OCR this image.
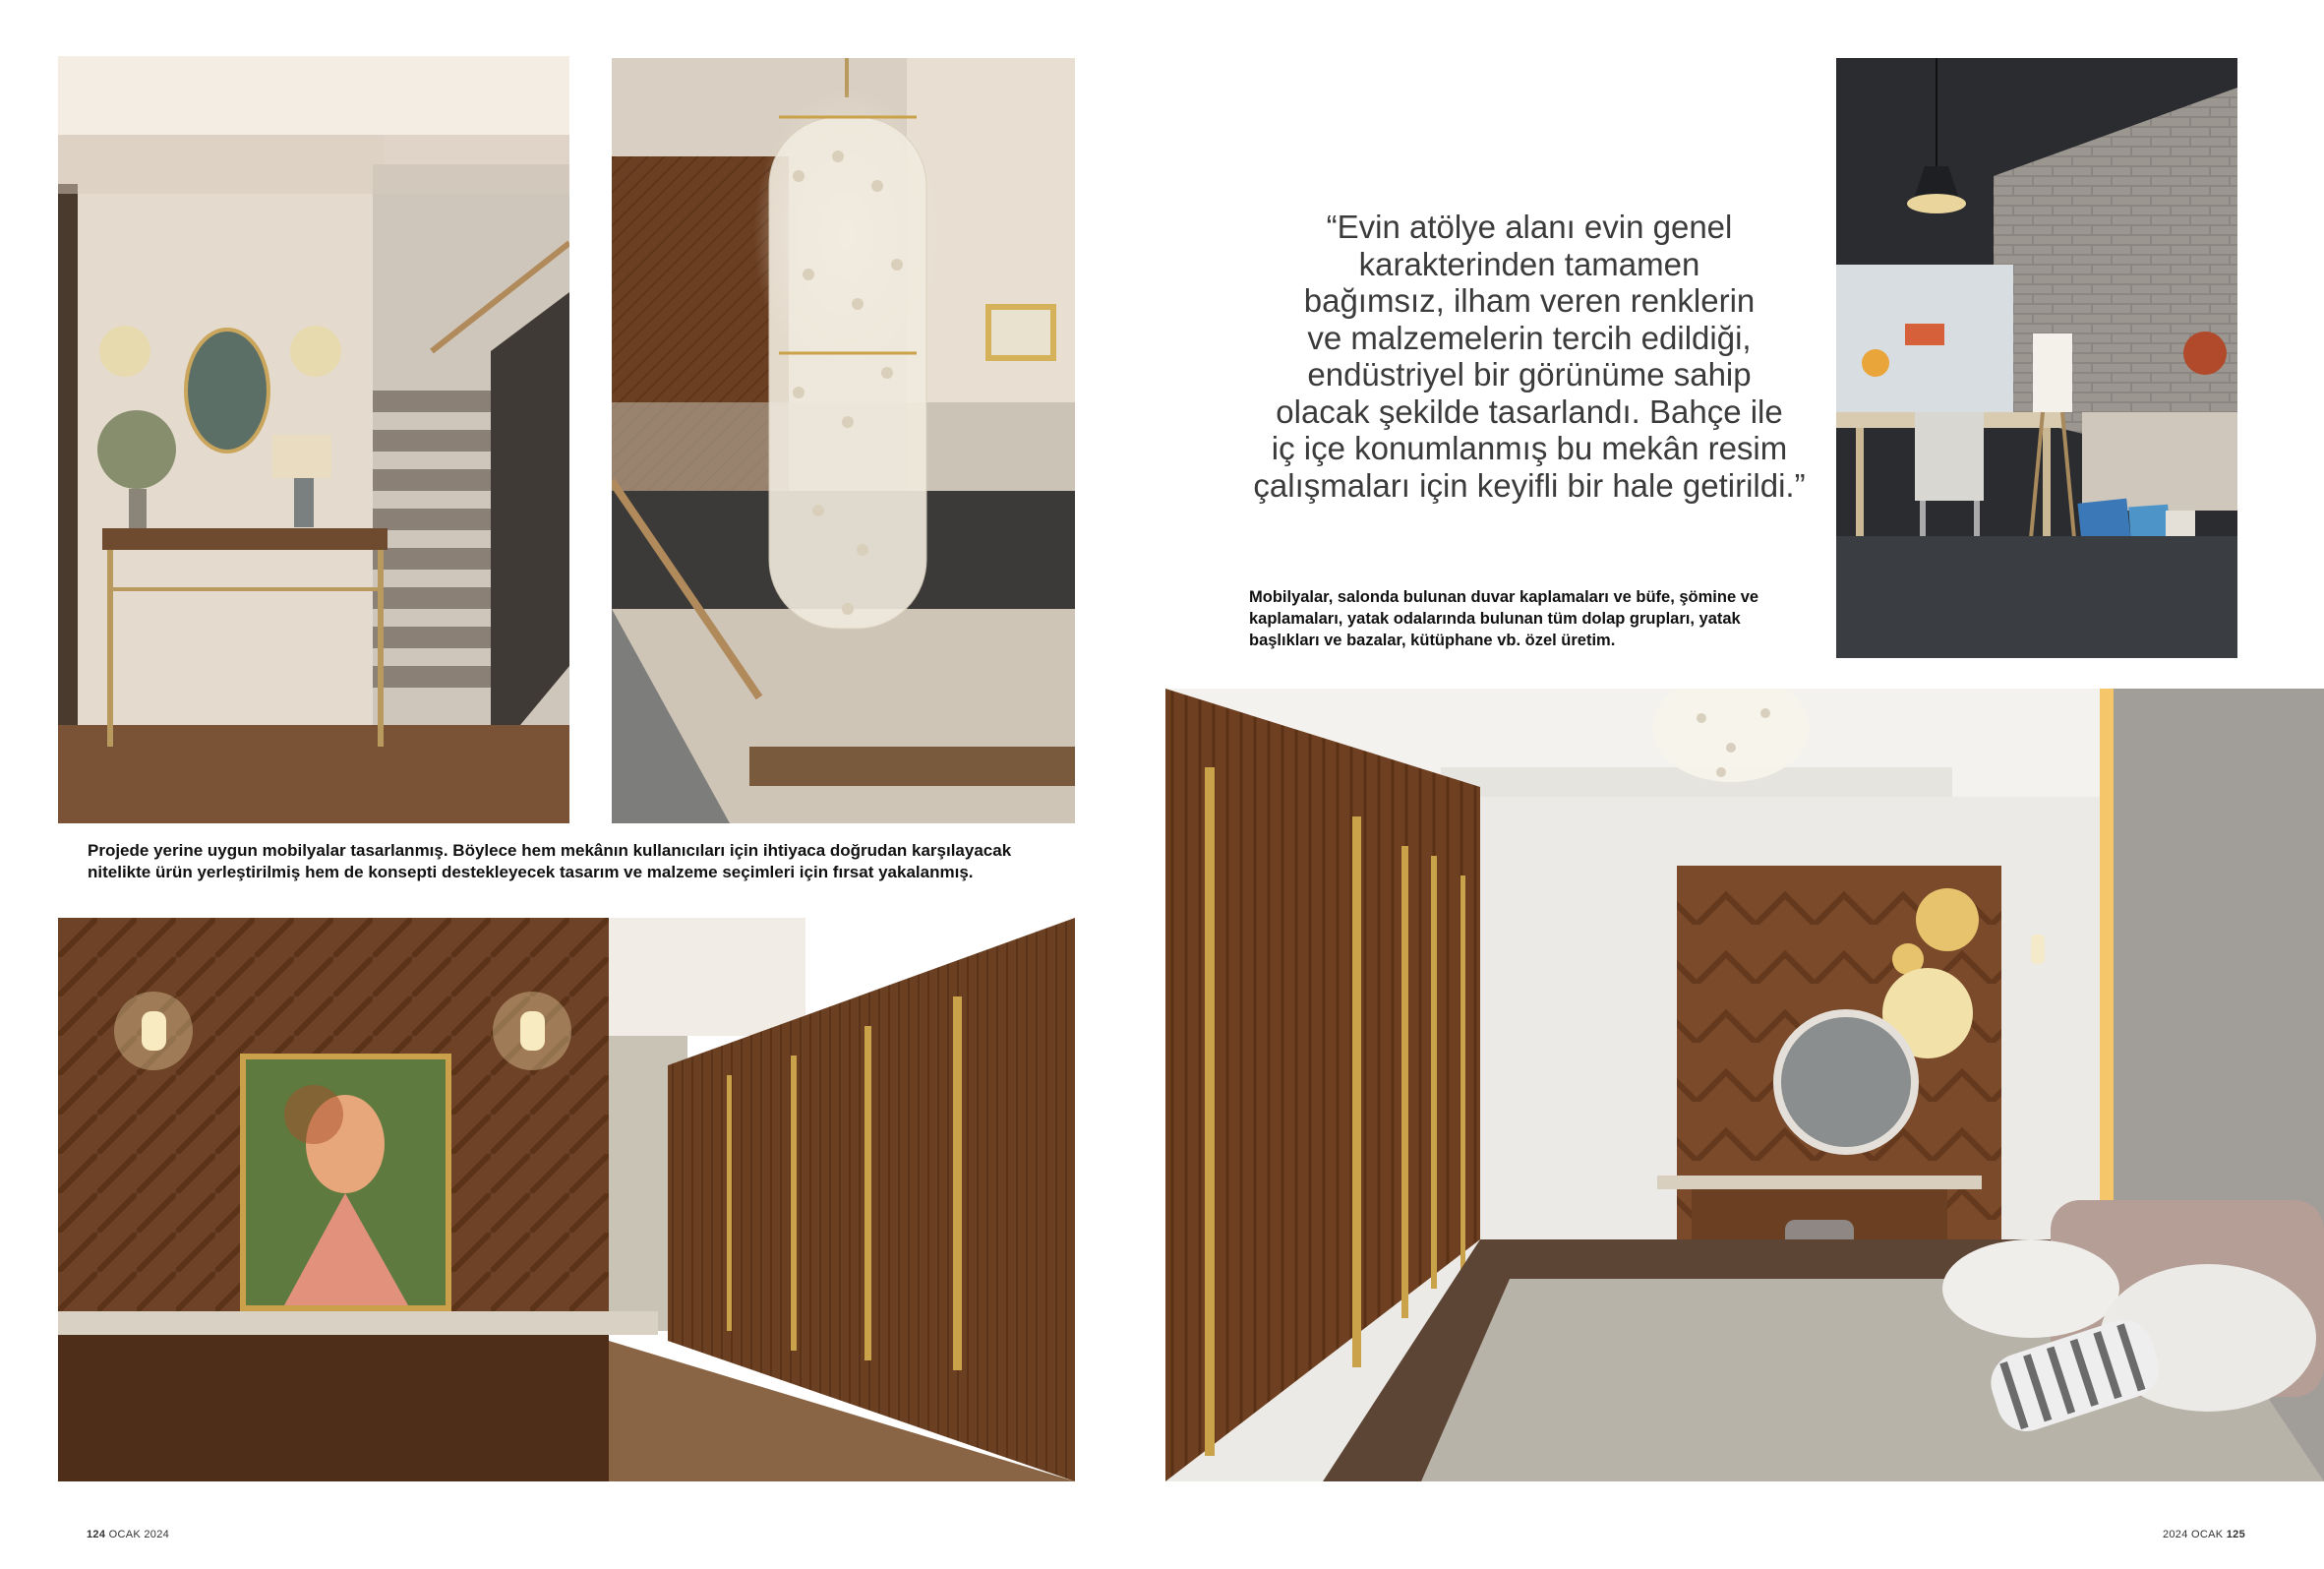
Projede yerine uygun mobilyalar tasarlanmış. Böylece hem mekânın kullanıcıları için ihtiyaca doğrudan karşılayacak
nitelikte ürün yerleştirilmiş hem de konsepti destekleyecek tasarım ve malzeme seçimleri için fırsat yakalanmış.
“Evin atölye alanı evin genel
karakterinden tamamen
bağımsız, ilham veren renklerin
ve malzemelerin tercih edildiği,
endüstriyel bir görünüme sahip
olacak şekilde tasarlandı. Bahçe ile
iç içe konumlanmış bu mekân resim
çalışmaları için keyifli bir hale getirildi.”
Mobilyalar, salonda bulunan duvar kaplamaları ve büfe, şömine ve
kaplamaları, yatak odalarında bulunan tüm dolap grupları, yatak
başlıkları ve bazalar, kütüphane vb. özel üretim.
124 OCAK 2024	2024 OCAK 125
